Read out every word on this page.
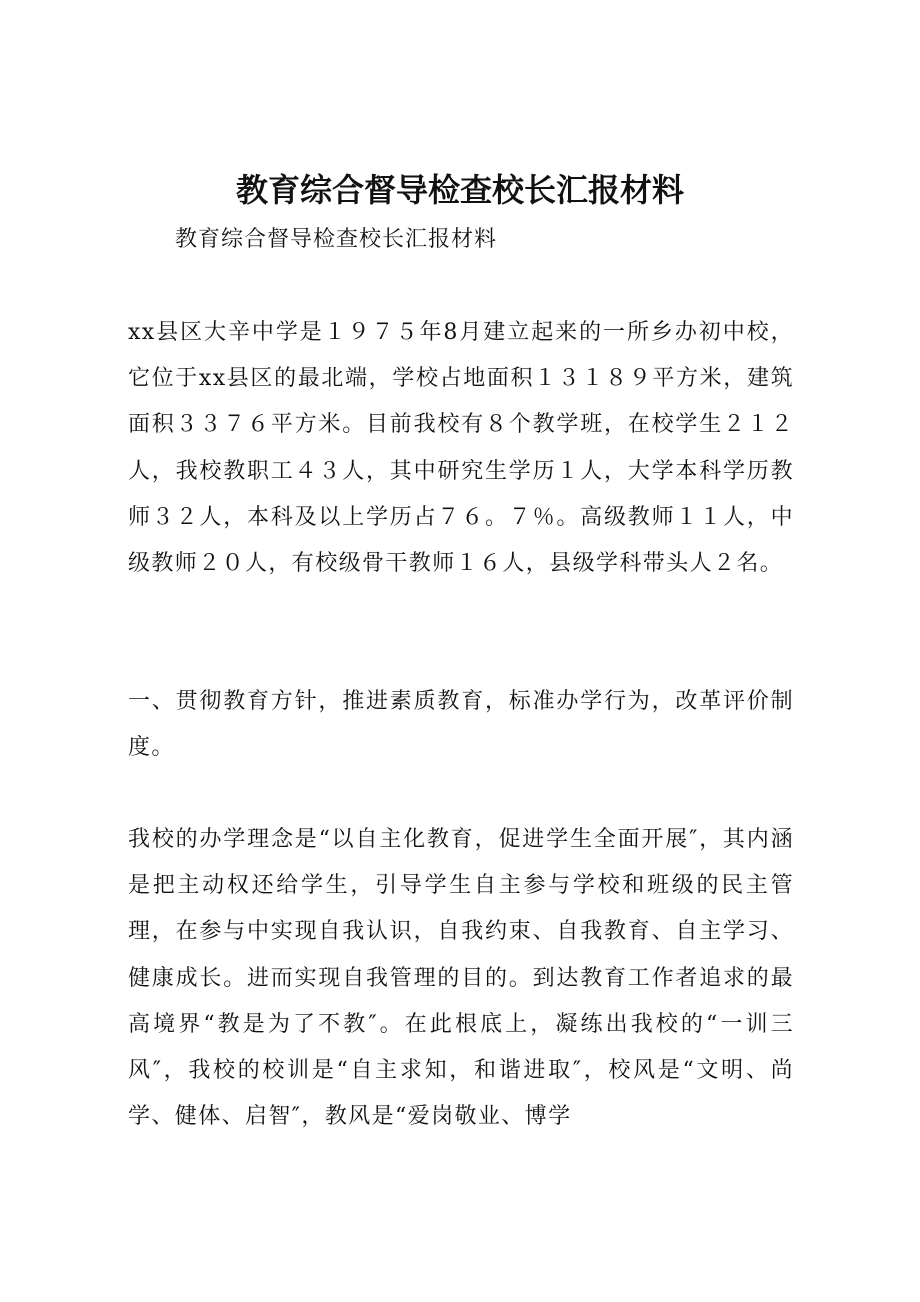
教育综合督导检查校长汇报材料

教育综合督导检查校长汇报材料

xx县区大辛中学是１９７５年8月建立起来的一所乡办初中校，它位于xx县区的最北端，学校占地面积１３１８９平方米，建筑面积３３７６平方米。目前我校有８个教学班，在校学生２１２人，我校教职工４３人，其中研究生学历１人，大学本科学历教师３２人，本科及以上学历占７６。７％。高级教师１１人，中级教师２０人，有校级骨干教师１６人，县级学科带头人２名。

一、贯彻教育方针，推进素质教育，标准办学行为，改革评价制度。

我校的办学理念是“以自主化教育，促进学生全面开展″，其内涵是把主动权还给学生，引导学生自主参与学校和班级的民主管理，在参与中实现自我认识，自我约束、自我教育、自主学习、健康成长。进而实现自我管理的目的。到达教育工作者追求的最高境界“教是为了不教″。在此根底上，凝练出我校的“一训三风″，我校的校训是“自主求知，和谐进取″，校风是“文明、尚学、健体、启智″，教风是“爱岗敬业、博学
